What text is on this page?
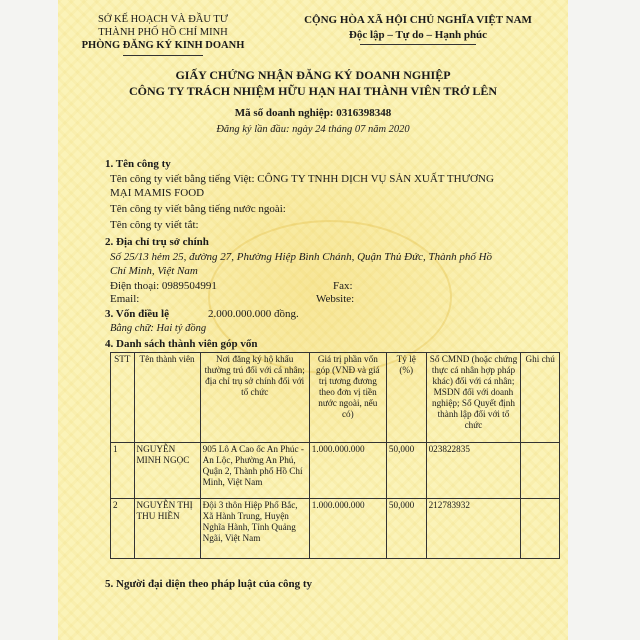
SỞ KẾ HOẠCH VÀ ĐẦU TƯ
THÀNH PHỐ HỒ CHÍ MINH
PHÒNG ĐĂNG KÝ KINH DOANH
CỘNG HÒA XÃ HỘI CHỦ NGHĨA VIỆT NAM
Độc lập – Tự do – Hạnh phúc
GIẤY CHỨNG NHẬN ĐĂNG KÝ DOANH NGHIỆP
CÔNG TY TRÁCH NHIỆM HỮU HẠN HAI THÀNH VIÊN TRỞ LÊN
Mã số doanh nghiệp: 0316398348
Đăng ký lần đầu: ngày 24 tháng 07 năm 2020
1. Tên công ty
Tên công ty viết bằng tiếng Việt: CÔNG TY TNHH DỊCH VỤ SẢN XUẤT THƯƠNG
MẠI MAMIS FOOD
Tên công ty viết bằng tiếng nước ngoài:
Tên công ty viết tắt:
2. Địa chỉ trụ sở chính
Số 25/13 hẻm 25, đường 27, Phường Hiệp Bình Chánh, Quận Thủ Đức, Thành phố Hồ
Chí Minh, Việt Nam
Điện thoại: 0989504991	Fax:
Email:	Website:
3. Vốn điều lệ	2.000.000.000 đồng.
Bằng chữ: Hai tỷ đồng
4. Danh sách thành viên góp vốn
STT	Tên thành viên	Nơi đăng ký hộ khẩu thường trú đối với cá nhân; địa chỉ trụ sở chính đối với tổ chức	Giá trị phần vốn góp (VNĐ và giá trị tương đương theo đơn vị tiền nước ngoài, nếu có)	Tỷ lệ (%)	Số CMND (hoặc chứng thực cá nhân hợp pháp khác) đối với cá nhân; MSDN đối với doanh nghiệp; Số Quyết định thành lập đối với tổ chức	Ghi chú
1	NGUYỄN MINH NGỌC	905 Lô A Cao ốc An Phúc - An Lộc, Phường An Phú, Quận 2, Thành phố Hồ Chí Minh, Việt Nam	1.000.000.000	50,000	023822835	
2	NGUYỄN THỊ THU HIỀN	Đội 3 thôn Hiệp Phổ Bắc, Xã Hành Trung, Huyện Nghĩa Hành, Tỉnh Quảng Ngãi, Việt Nam	1.000.000.000	50,000	212783932	
5. Người đại diện theo pháp luật của công ty
